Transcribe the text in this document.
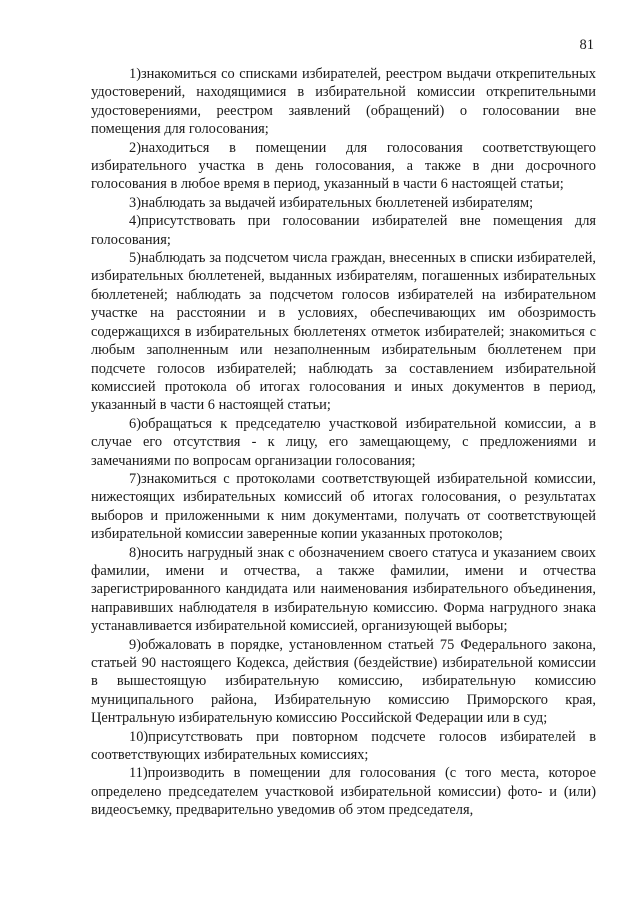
81

1)знакомиться со списками избирателей, реестром выдачи открепительных удостоверений, находящимися в избирательной комиссии открепительными удостоверениями, реестром заявлений (обращений) о голосовании вне помещения для голосования;

2)находиться в помещении для голосования соответствующего избирательного участка в день голосования, а также в дни досрочного голосования в любое время в период, указанный в части 6 настоящей статьи;

3)наблюдать за выдачей избирательных бюллетеней избирателям;

4)присутствовать при голосовании избирателей вне помещения для голосования;

5)наблюдать за подсчетом числа граждан, внесенных в списки избирателей, избирательных бюллетеней, выданных избирателям, погашенных избирательных бюллетеней; наблюдать за подсчетом голосов избирателей на избирательном участке на расстоянии и в условиях, обеспечивающих им обозримость содержащихся в избирательных бюллетенях отметок избирателей; знакомиться с любым заполненным или незаполненным избирательным бюллетенем при подсчете голосов избирателей; наблюдать за составлением избирательной комиссией протокола об итогах голосования и иных документов в период, указанный в части 6 настоящей статьи;

6)обращаться к председателю участковой избирательной комиссии, а в случае его отсутствия - к лицу, его замещающему, с предложениями и замечаниями по вопросам организации голосования;

7)знакомиться с протоколами соответствующей избирательной комиссии, нижестоящих избирательных комиссий об итогах голосования, о результатах выборов и приложенными к ним документами, получать от соответствующей избирательной комиссии заверенные копии указанных протоколов;

8)носить нагрудный знак с обозначением своего статуса и указанием своих фамилии, имени и отчества, а также фамилии, имени и отчества зарегистрированного кандидата или наименования избирательного объединения, направивших наблюдателя в избирательную комиссию. Форма нагрудного знака устанавливается избирательной комиссией, организующей выборы;

9)обжаловать в порядке, установленном статьей 75 Федерального закона, статьей 90 настоящего Кодекса, действия (бездействие) избирательной комиссии в вышестоящую избирательную комиссию, избирательную комиссию муниципального района, Избирательную комиссию Приморского края, Центральную избирательную комиссию Российской Федерации или в суд;

10)присутствовать при повторном подсчете голосов избирателей в соответствующих избирательных комиссиях;

11)производить в помещении для голосования (с того места, которое определено председателем участковой избирательной комиссии) фото- и (или) видеосъемку, предварительно уведомив об этом председателя,
